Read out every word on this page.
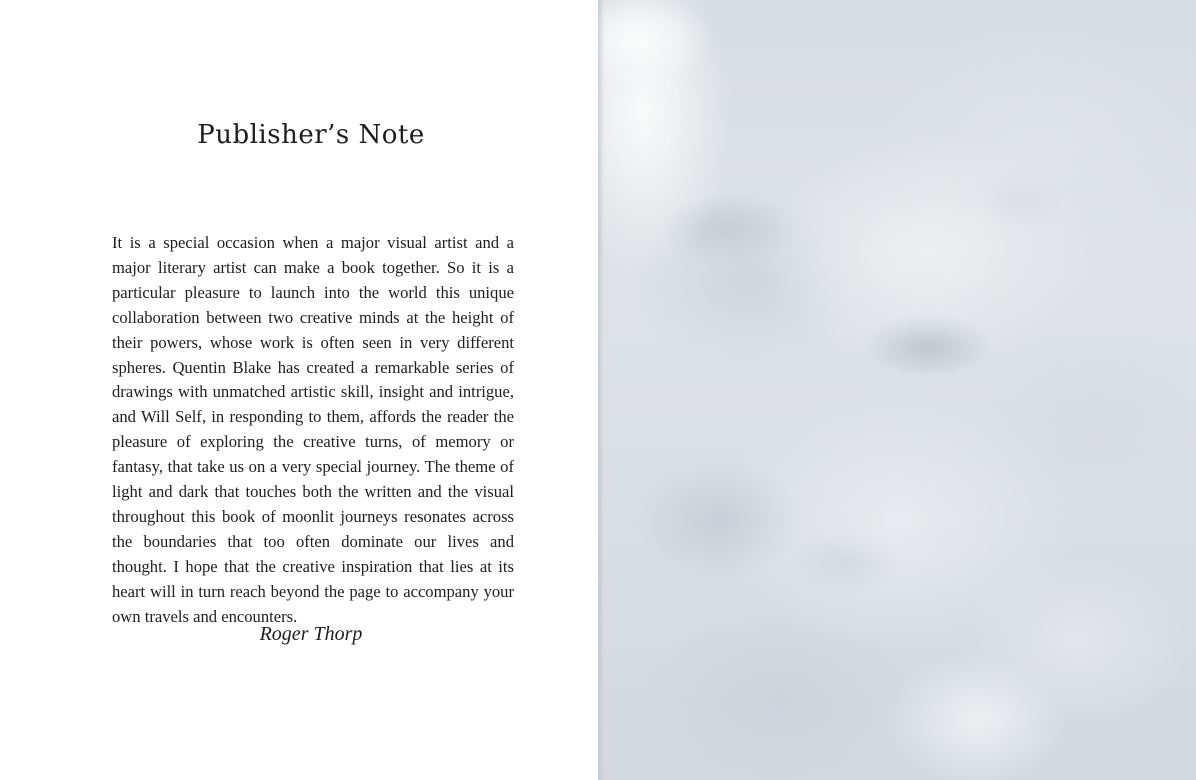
Publisher’s Note

It is a special occasion when a major visual artist and a major literary artist can make a book together. So it is a particular pleasure to launch into the world this unique collaboration between two creative minds at the height of their powers, whose work is often seen in very different spheres. Quentin Blake has created a remarkable series of drawings with unmatched artistic skill, insight and intrigue, and Will Self, in responding to them, affords the reader the pleasure of exploring the creative turns, of memory or fantasy, that take us on a very special journey. The theme of light and dark that touches both the written and the visual throughout this book of moonlit journeys resonates across the boundaries that too often dominate our lives and thought. I hope that the creative inspiration that lies at its heart will in turn reach beyond the page to accompany your own travels and encounters.

Roger Thorp
